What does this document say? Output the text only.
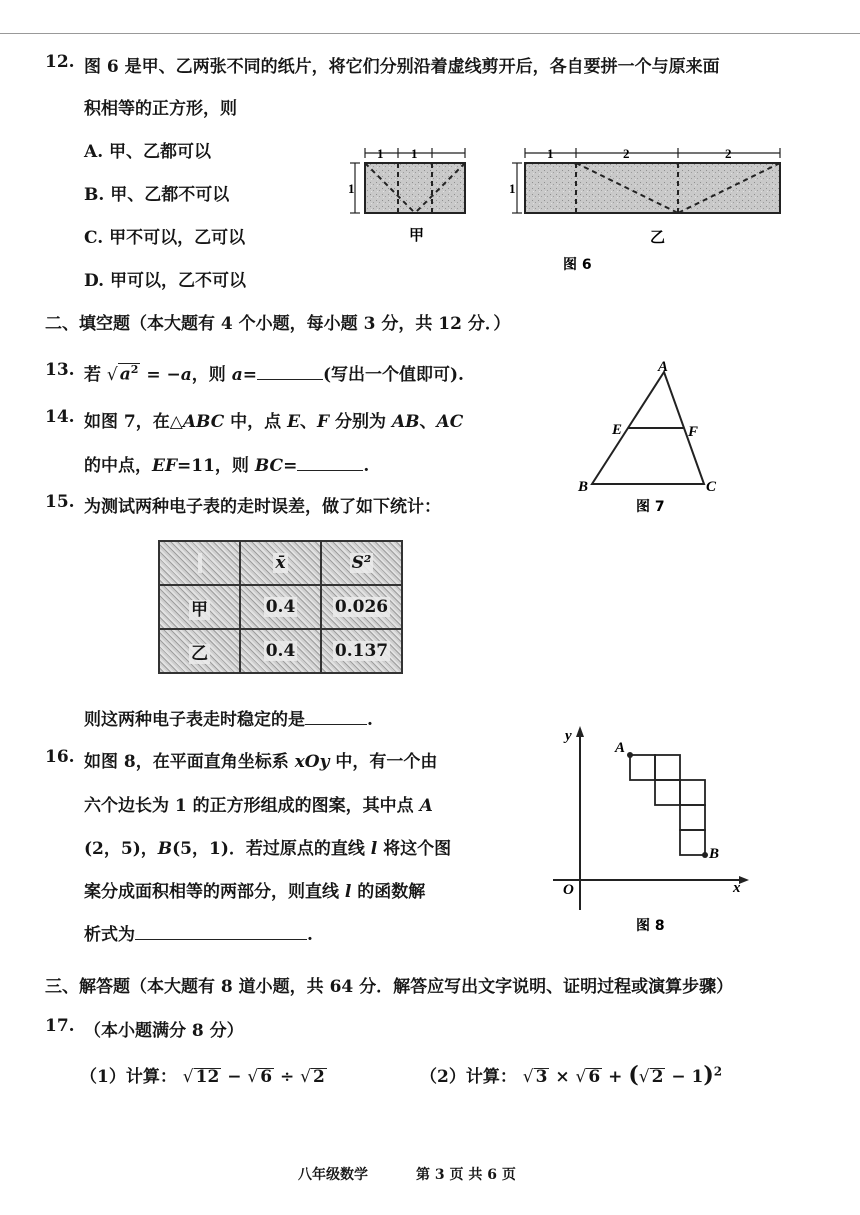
12. 图 6 是甲、乙两张不同的纸片，将它们分别沿着虚线剪开后，各自要拼一个与原来面
积相等的正方形，则
A. 甲、乙都可以
B. 甲、乙都不可以
C. 甲不可以，乙可以
D. 甲可以，乙不可以
1 1
1
甲
1	2	2
1
乙
图 6
二、填空题（本大题有 4 个小题，每小题 3 分，共 12 分．）
13. 若 √ $a^2 = -a$，则 a=	(写出一个值即可).
14. 如图 7，在△ABC 中，点 E、F 分别为 AB、AC
的中点，EF=11，则 BC=	.
A
B	C
E	F
图 7
15. 为测试两种电子表的走时误差，做了如下统计：
	x̄	S²
甲	0.4	0.026
乙	0.4	0.137
则这两种电子表走时稳定的是	.
16. 如图 8，在平面直角坐标系 xOy 中，有一个由
六个边长为 1 的正方形组成的图案，其中点 A
(2，5)，B(5，1)．若过原点的直线 l 将这个图
案分成面积相等的两部分，则直线 l 的函数解
析式为	.
y
x
O
A
B
图 8
三、解答题（本大题有 8 道小题，共 64 分．解答应写出文字说明、证明过程或演算步骤）
17. （本小题满分 8 分）
（1）计算： √ 12 − √ 6 ÷ √ 2	（2）计算： √ 3 × √ 6 + (√ 2 − 1)$^2$
八年级数学	第 3 页 共 6 页
